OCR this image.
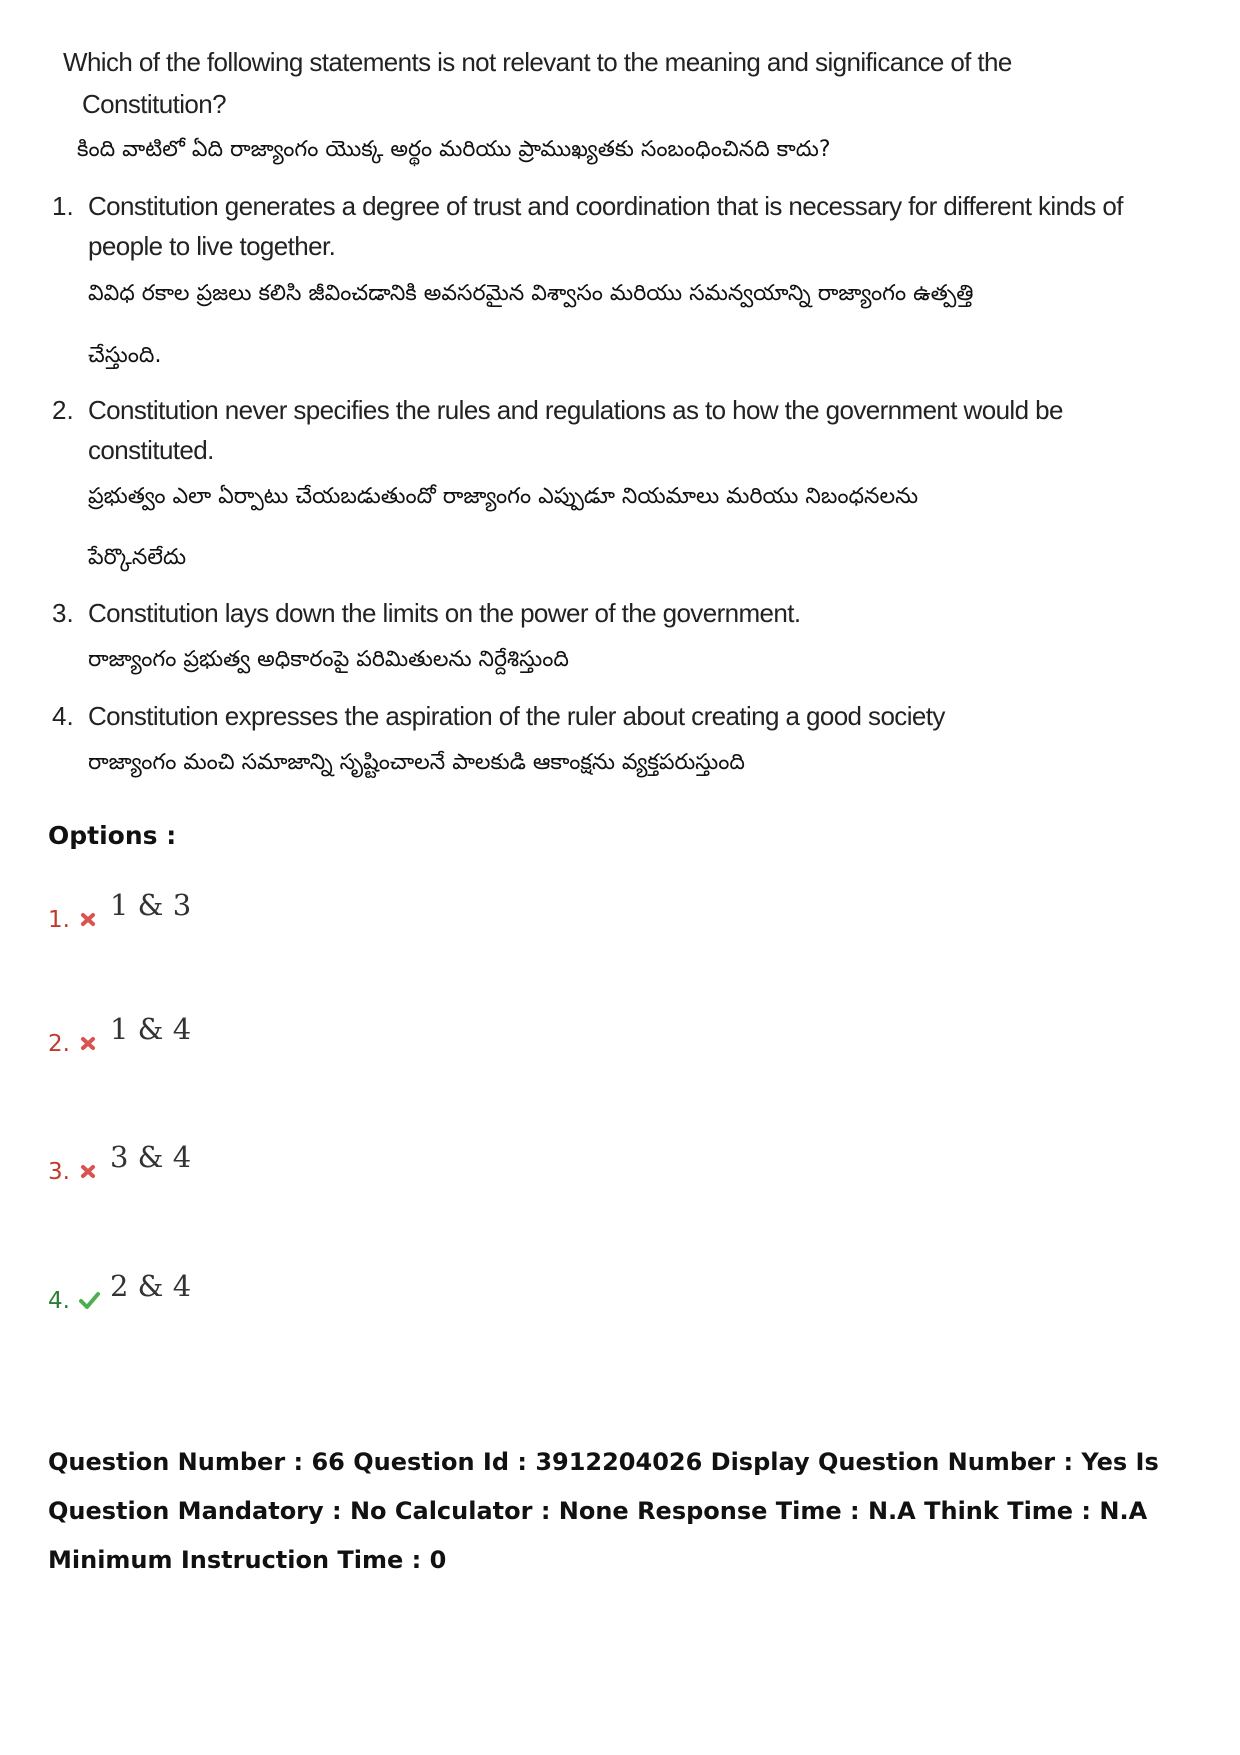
Which of the following statements is not relevant to the meaning and significance of the
Constitution?
కింది వాటిలో ఏది రాజ్యాంగం యొక్క అర్థం మరియు ప్రాముఖ్యతకు సంబంధించినది కాదు?
1. Constitution generates a degree of trust and coordination that is necessary for different kinds of
people to live together.
వివిధ రకాల ప్రజలు కలిసి జీవించడానికి అవసరమైన విశ్వాసం మరియు సమన్వయాన్ని రాజ్యాంగం ఉత్పత్తి
చేస్తుంది.
2. Constitution never specifies the rules and regulations as to how the government would be
constituted.
ప్రభుత్వం ఎలా ఏర్పాటు చేయబడుతుందో రాజ్యాంగం ఎప్పుడూ నియమాలు మరియు నిబంధనలను
పేర్కొనలేదు
3. Constitution lays down the limits on the power of the government.
రాజ్యాంగం ప్రభుత్వ అధికారంపై పరిమితులను నిర్దేశిస్తుంది
4. Constitution expresses the aspiration of the ruler about creating a good society
రాజ్యాంగం మంచి సమాజాన్ని సృష్టించాలనే పాలకుడి ఆకాంక్షను వ్యక్తపరుస్తుంది
Options :
1. 1 & 3
2. 1 & 4
3. 3 & 4
4. 2 & 4
Question Number : 66 Question Id : 3912204026 Display Question Number : Yes Is Question Mandatory : No Calculator : None Response Time : N.A Think Time : N.A Minimum Instruction Time : 0
